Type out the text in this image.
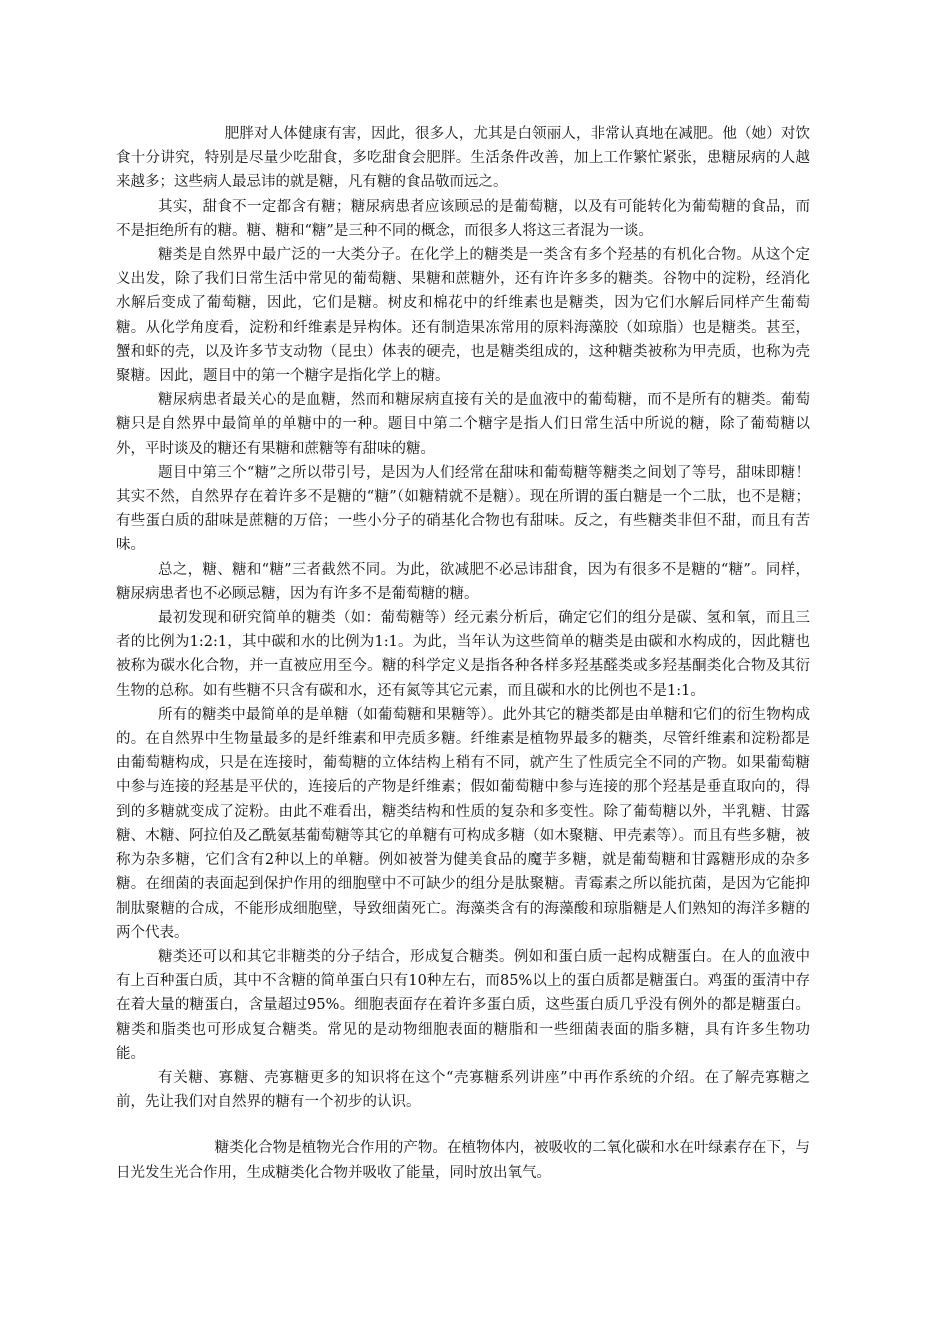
肥胖对人体健康有害，因此，很多人，尤其是白领丽人，非常认真地在减肥。他（她）对饮食十分讲究，特别是尽量少吃甜食，多吃甜食会肥胖。生活条件改善，加上工作繁忙紧张，患糖尿病的人越来越多；这些病人最忌讳的就是糖，凡有糖的食品敬而远之。

其实，甜食不一定都含有糖；糖尿病患者应该顾忌的是葡萄糖，以及有可能转化为葡萄糖的食品，而不是拒绝所有的糖。糖、糖和“糖”是三种不同的概念，而很多人将这三者混为一谈。

糖类是自然界中最广泛的一大类分子。在化学上的糖类是一类含有多个羟基的有机化合物。从这个定义出发，除了我们日常生活中常见的葡萄糖、果糖和蔗糖外，还有许许多多的糖类。谷物中的淀粉，经消化水解后变成了葡萄糖，因此，它们是糖。树皮和棉花中的纤维素也是糖类，因为它们水解后同样产生葡萄糖。从化学角度看，淀粉和纤维素是异构体。还有制造果冻常用的原料海藻胶（如琼脂）也是糖类。甚至，蟹和虾的壳，以及许多节支动物（昆虫）体表的硬壳，也是糖类组成的，这种糖类被称为甲壳质，也称为壳聚糖。因此，题目中的第一个糖字是指化学上的糖。

糖尿病患者最关心的是血糖，然而和糖尿病直接有关的是血液中的葡萄糖，而不是所有的糖类。葡萄糖只是自然界中最简单的单糖中的一种。题目中第二个糖字是指人们日常生活中所说的糖，除了葡萄糖以外，平时谈及的糖还有果糖和蔗糖等有甜味的糖。

题目中第三个“糖”之所以带引号，是因为人们经常在甜味和葡萄糖等糖类之间划了等号，甜味即糖！其实不然，自然界存在着许多不是糖的“糖”（如糖精就不是糖）。现在所谓的蛋白糖是一个二肽，也不是糖；有些蛋白质的甜味是蔗糖的万倍；一些小分子的硝基化合物也有甜味。反之，有些糖类非但不甜，而且有苦味。

总之，糖、糖和“糖”三者截然不同。为此，欲减肥不必忌讳甜食，因为有很多不是糖的“糖”。同样，糖尿病患者也不必顾忌糖，因为有许多不是葡萄糖的糖。

最初发现和研究简单的糖类（如：葡萄糖等）经元素分析后，确定它们的组分是碳、氢和氧，而且三者的比例为1:2:1，其中碳和水的比例为1:1。为此，当年认为这些简单的糖类是由碳和水构成的，因此糖也被称为碳水化合物，并一直被应用至今。糖的科学定义是指各种各样多羟基醛类或多羟基酮类化合物及其衍生物的总称。如有些糖不只含有碳和水，还有氮等其它元素，而且碳和水的比例也不是1:1。

所有的糖类中最简单的是单糖（如葡萄糖和果糖等）。此外其它的糖类都是由单糖和它们的衍生物构成的。在自然界中生物量最多的是纤维素和甲壳质多糖。纤维素是植物界最多的糖类，尽管纤维素和淀粉都是由葡萄糖构成，只是在连接时，葡萄糖的立体结构上稍有不同，就产生了性质完全不同的产物。如果葡萄糖中参与连接的羟基是平伏的，连接后的产物是纤维素；假如葡萄糖中参与连接的那个羟基是垂直取向的，得到的多糖就变成了淀粉。由此不难看出，糖类结构和性质的复杂和多变性。除了葡萄糖以外，半乳糖、甘露糖、木糖、阿拉伯及乙酰氨基葡萄糖等其它的单糖有可构成多糖（如木聚糖、甲壳素等）。而且有些多糖，被称为杂多糖，它们含有2种以上的单糖。例如被誉为健美食品的魔芋多糖，就是葡萄糖和甘露糖形成的杂多糖。在细菌的表面起到保护作用的细胞壁中不可缺少的组分是肽聚糖。青霉素之所以能抗菌，是因为它能抑制肽聚糖的合成，不能形成细胞壁，导致细菌死亡。海藻类含有的海藻酸和琼脂糖是人们熟知的海洋多糖的两个代表。

糖类还可以和其它非糖类的分子结合，形成复合糖类。例如和蛋白质一起构成糖蛋白。在人的血液中有上百种蛋白质，其中不含糖的简单蛋白只有10种左右，而85%以上的蛋白质都是糖蛋白。鸡蛋的蛋清中存在着大量的糖蛋白，含量超过95%。细胞表面存在着许多蛋白质，这些蛋白质几乎没有例外的都是糖蛋白。糖类和脂类也可形成复合糖类。常见的是动物细胞表面的糖脂和一些细菌表面的脂多糖，具有许多生物功能。

有关糖、寡糖、壳寡糖更多的知识将在这个“壳寡糖系列讲座”中再作系统的介绍。在了解壳寡糖之前，先让我们对自然界的糖有一个初步的认识。

糖类化合物是植物光合作用的产物。在植物体内，被吸收的二氧化碳和水在叶绿素存在下，与日光发生光合作用，生成糖类化合物并吸收了能量，同时放出氧气。
